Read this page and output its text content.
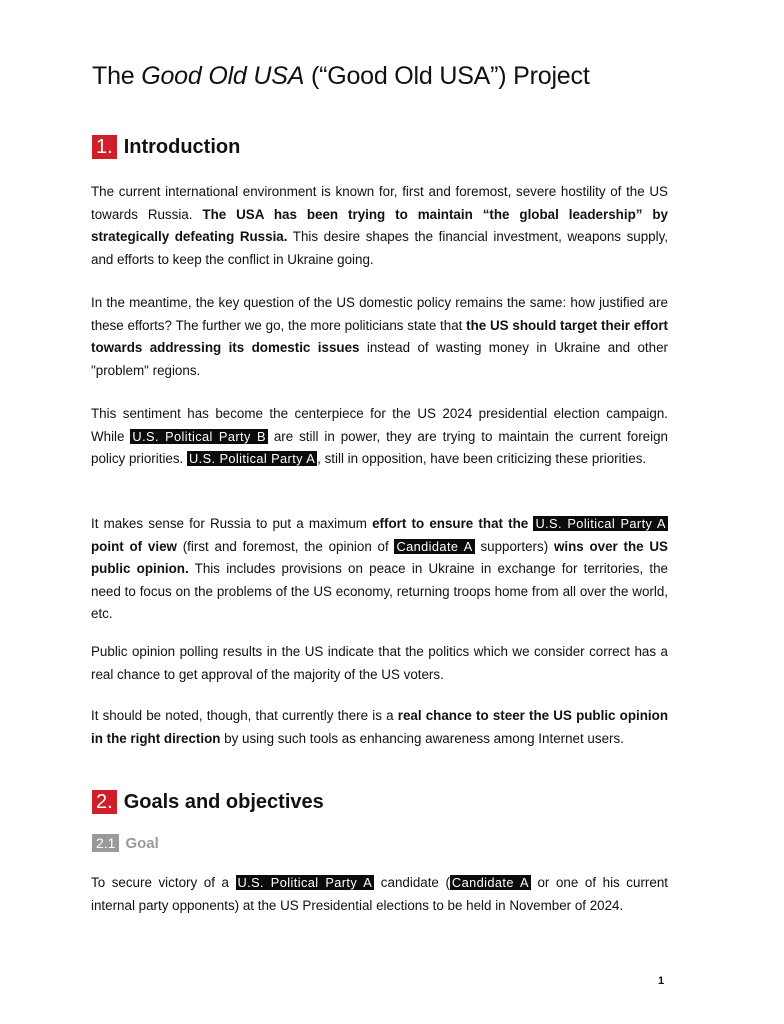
The Good Old USA (“Good Old USA”) Project
1. Introduction

The current international environment is known for, first and foremost, severe hostility of the US towards Russia. The USA has been trying to maintain “the global leadership” by strategically defeating Russia. This desire shapes the financial investment, weapons supply, and efforts to keep the conflict in Ukraine going.

In the meantime, the key question of the US domestic policy remains the same: how justified are these efforts? The further we go, the more politicians state that the US should target their effort towards addressing its domestic issues instead of wasting money in Ukraine and other "problem" regions.

This sentiment has become the centerpiece for the US 2024 presidential election campaign. While U.S. Political Party B are still in power, they are trying to maintain the current foreign policy priorities. U.S. Political Party A , still in opposition, have been criticizing these priorities.

It makes sense for Russia to put a maximum effort to ensure that the U.S. Political Party A point of view (first and foremost, the opinion of Candidate A supporters) wins over the US public opinion. This includes provisions on peace in Ukraine in exchange for territories, the need to focus on the problems of the US economy, returning troops home from all over the world, etc.

Public opinion polling results in the US indicate that the politics which we consider correct has a real chance to get approval of the majority of the US voters.

It should be noted, though, that currently there is a real chance to steer the US public opinion in the right direction by using such tools as enhancing awareness among Internet users.

2. Goals and objectives
2.1 Goal

To secure victory of a U.S. Political Party A candidate ( Candidate A or one of his current internal party opponents) at the US Presidential elections to be held in November of 2024.

1
